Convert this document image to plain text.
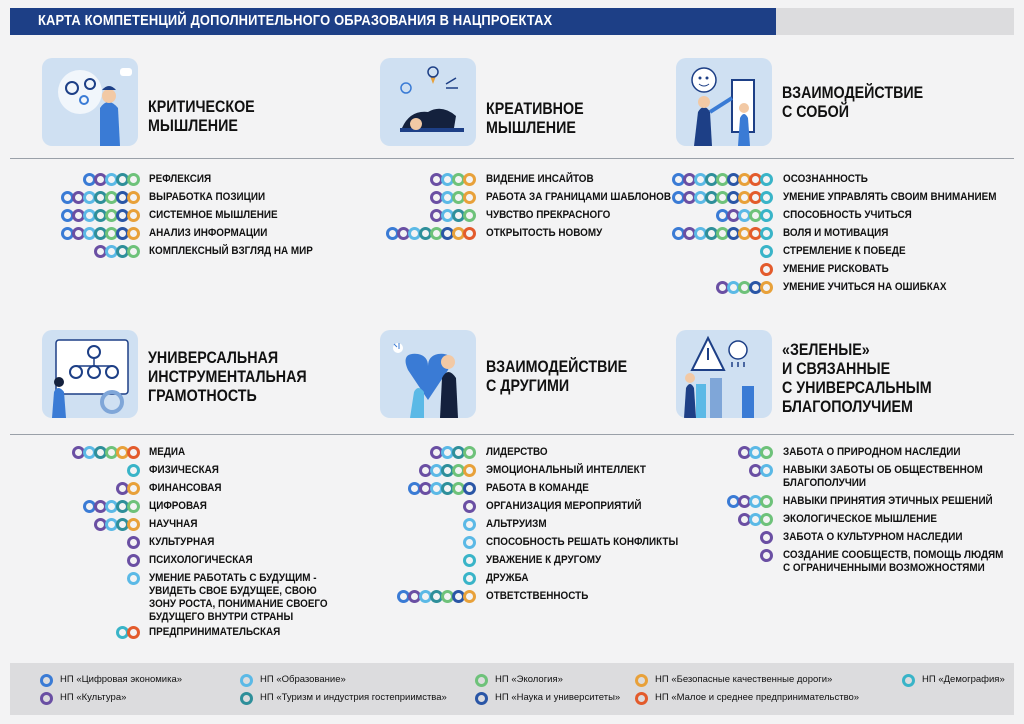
КАРТА КОМПЕТЕНЦИЙ ДОПОЛНИТЕЛЬНОГО ОБРАЗОВАНИЯ В НАЦПРОЕКТАХ
КРИТИЧЕСКОЕ
МЫШЛЕНИЕ
КРЕАТИВНОЕ
МЫШЛЕНИЕ
ВЗАИМОДЕЙСТВИЕ
С СОБОЙ
УНИВЕРСАЛЬНАЯ
ИНСТРУМЕНТАЛЬНАЯ
ГРАМОТНОСТЬ
ВЗАИМОДЕЙСТВИЕ
С ДРУГИМИ
«ЗЕЛЕНЫЕ»
И СВЯЗАННЫЕ
С УНИВЕРСАЛЬНЫМ
БЛАГОПОЛУЧИЕМ
РЕФЛЕКСИЯ
ВЫРАБОТКА ПОЗИЦИИ
СИСТЕМНОЕ МЫШЛЕНИЕ
АНАЛИЗ ИНФОРМАЦИИ
КОМПЛЕКСНЫЙ ВЗГЛЯД НА МИР
ВИДЕНИЕ ИНСАЙТОВ
РАБОТА ЗА ГРАНИЦАМИ ШАБЛОНОВ
ЧУВСТВО ПРЕКРАСНОГО
ОТКРЫТОСТЬ НОВОМУ
ОСОЗНАННОСТЬ
УМЕНИЕ УПРАВЛЯТЬ СВОИМ ВНИМАНИЕМ
СПОСОБНОСТЬ УЧИТЬСЯ
ВОЛЯ И МОТИВАЦИЯ
СТРЕМЛЕНИЕ К ПОБЕДЕ
УМЕНИЕ РИСКОВАТЬ
УМЕНИЕ УЧИТЬСЯ НА ОШИБКАХ
МЕДИА
ФИЗИЧЕСКАЯ
ФИНАНСОВАЯ
ЦИФРОВАЯ
НАУЧНАЯ
КУЛЬТУРНАЯ
ПСИХОЛОГИЧЕСКАЯ
УМЕНИЕ РАБОТАТЬ С БУДУЩИМ -
УВИДЕТЬ СВОЕ БУДУЩЕЕ, СВОЮ
ЗОНУ РОСТА, ПОНИМАНИЕ СВОЕГО
БУДУЩЕГО ВНУТРИ СТРАНЫ
ПРЕДПРИНИМАТЕЛЬСКАЯ
ЛИДЕРСТВО
ЭМОЦИОНАЛЬНЫЙ ИНТЕЛЛЕКТ
РАБОТА В КОМАНДЕ
ОРГАНИЗАЦИЯ МЕРОПРИЯТИЙ
АЛЬТРУИЗМ
СПОСОБНОСТЬ РЕШАТЬ КОНФЛИКТЫ
УВАЖЕНИЕ К ДРУГОМУ
ДРУЖБА
ОТВЕТСТВЕННОСТЬ
ЗАБОТА О ПРИРОДНОМ НАСЛЕДИИ
НАВЫКИ ЗАБОТЫ ОБ ОБЩЕСТВЕННОМ
БЛАГОПОЛУЧИИ
НАВЫКИ ПРИНЯТИЯ ЭТИЧНЫХ РЕШЕНИЙ
ЭКОЛОГИЧЕСКОЕ МЫШЛЕНИЕ
ЗАБОТА О КУЛЬТУРНОМ НАСЛЕДИИ
СОЗДАНИЕ СООБЩЕСТВ, ПОМОЩЬ ЛЮДЯМ
С ОГРАНИЧЕННЫМИ ВОЗМОЖНОСТЯМИ
НП «Цифровая экономика»
НП «Культура»
НП «Образование»
НП «Туризм и индустрия гостеприимства»
НП «Экология»
НП «Наука и университеты»
НП «Безопасные качественные дороги»
НП «Малое и среднее предпринимательство»
НП «Демография»
